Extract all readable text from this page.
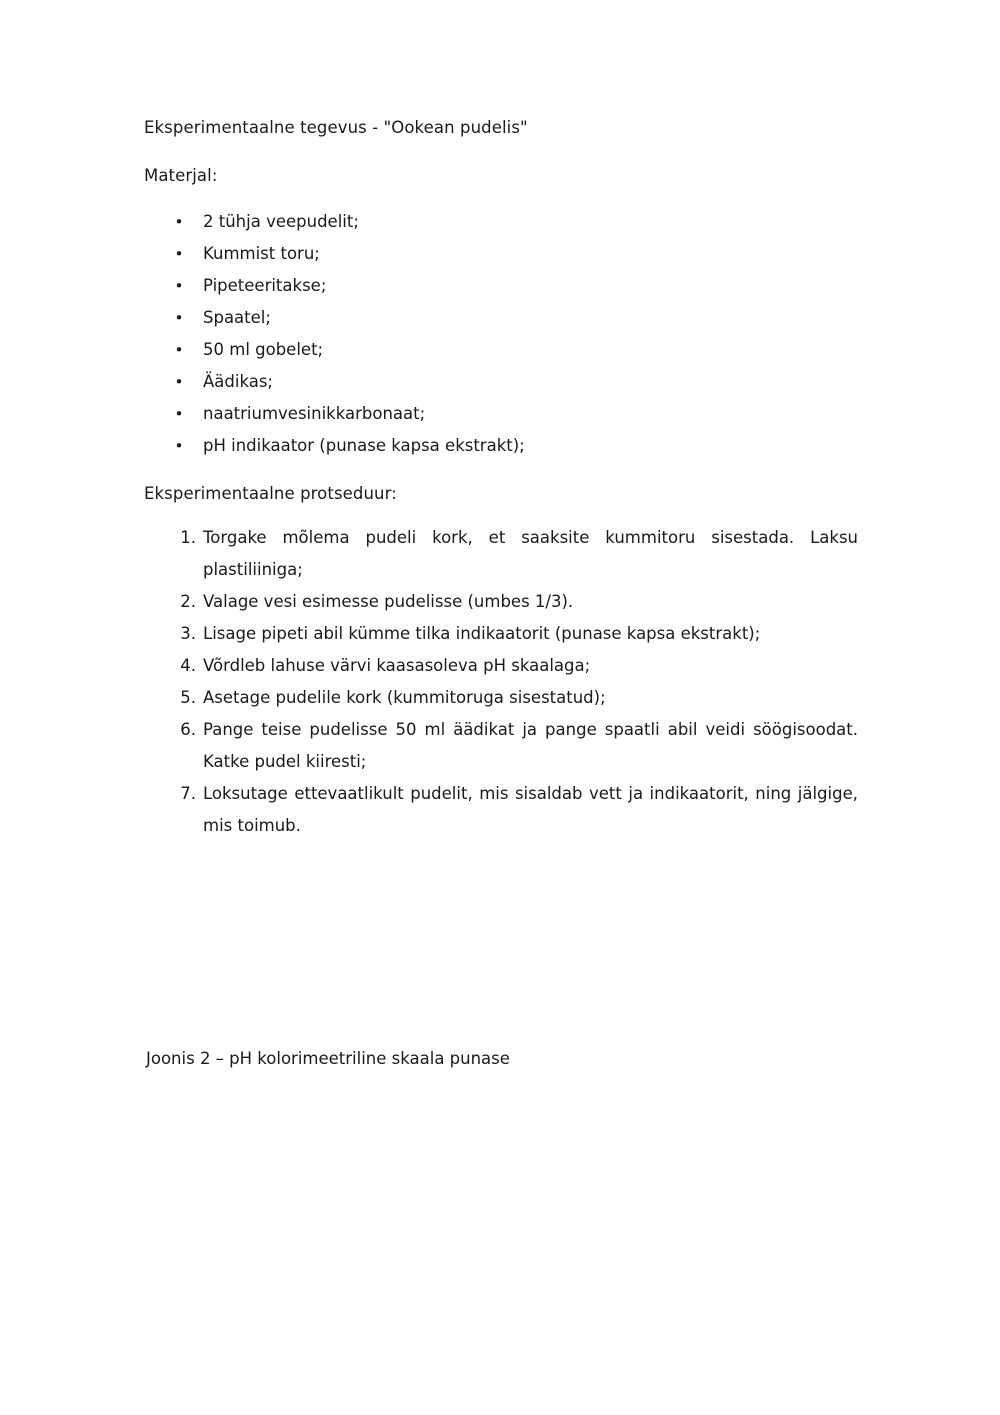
Eksperimentaalne tegevus - "Ookean pudelis"

Materjal:

• 2 tühja veepudelit;
• Kummist toru;
• Pipeteeritakse;
• Spaatel;
• 50 ml gobelet;
• Äädikas;
• naatriumvesinikkarbonaat;
• pH indikaator (punase kapsa ekstrakt);

Eksperimentaalne protseduur:

1. Torgake mõlema pudeli kork, et saaksite kummitoru sisestada. Laksu plastiliiniga;
2. Valage vesi esimesse pudelisse (umbes 1/3).
3. Lisage pipeti abil kümme tilka indikaatorit (punase kapsa ekstrakt);
4. Võrdleb lahuse värvi kaasasoleva pH skaalaga;
5. Asetage pudelile kork (kummitoruga sisestatud);
6. Pange teise pudelisse 50 ml äädikat ja pange spaatli abil veidi söögisoodat. Katke pudel kiiresti;
7. Loksutage ettevaatlikult pudelit, mis sisaldab vett ja indikaatorit, ning jälgige, mis toimub.

Joonis 2 – pH kolorimeetriline skaala punase
